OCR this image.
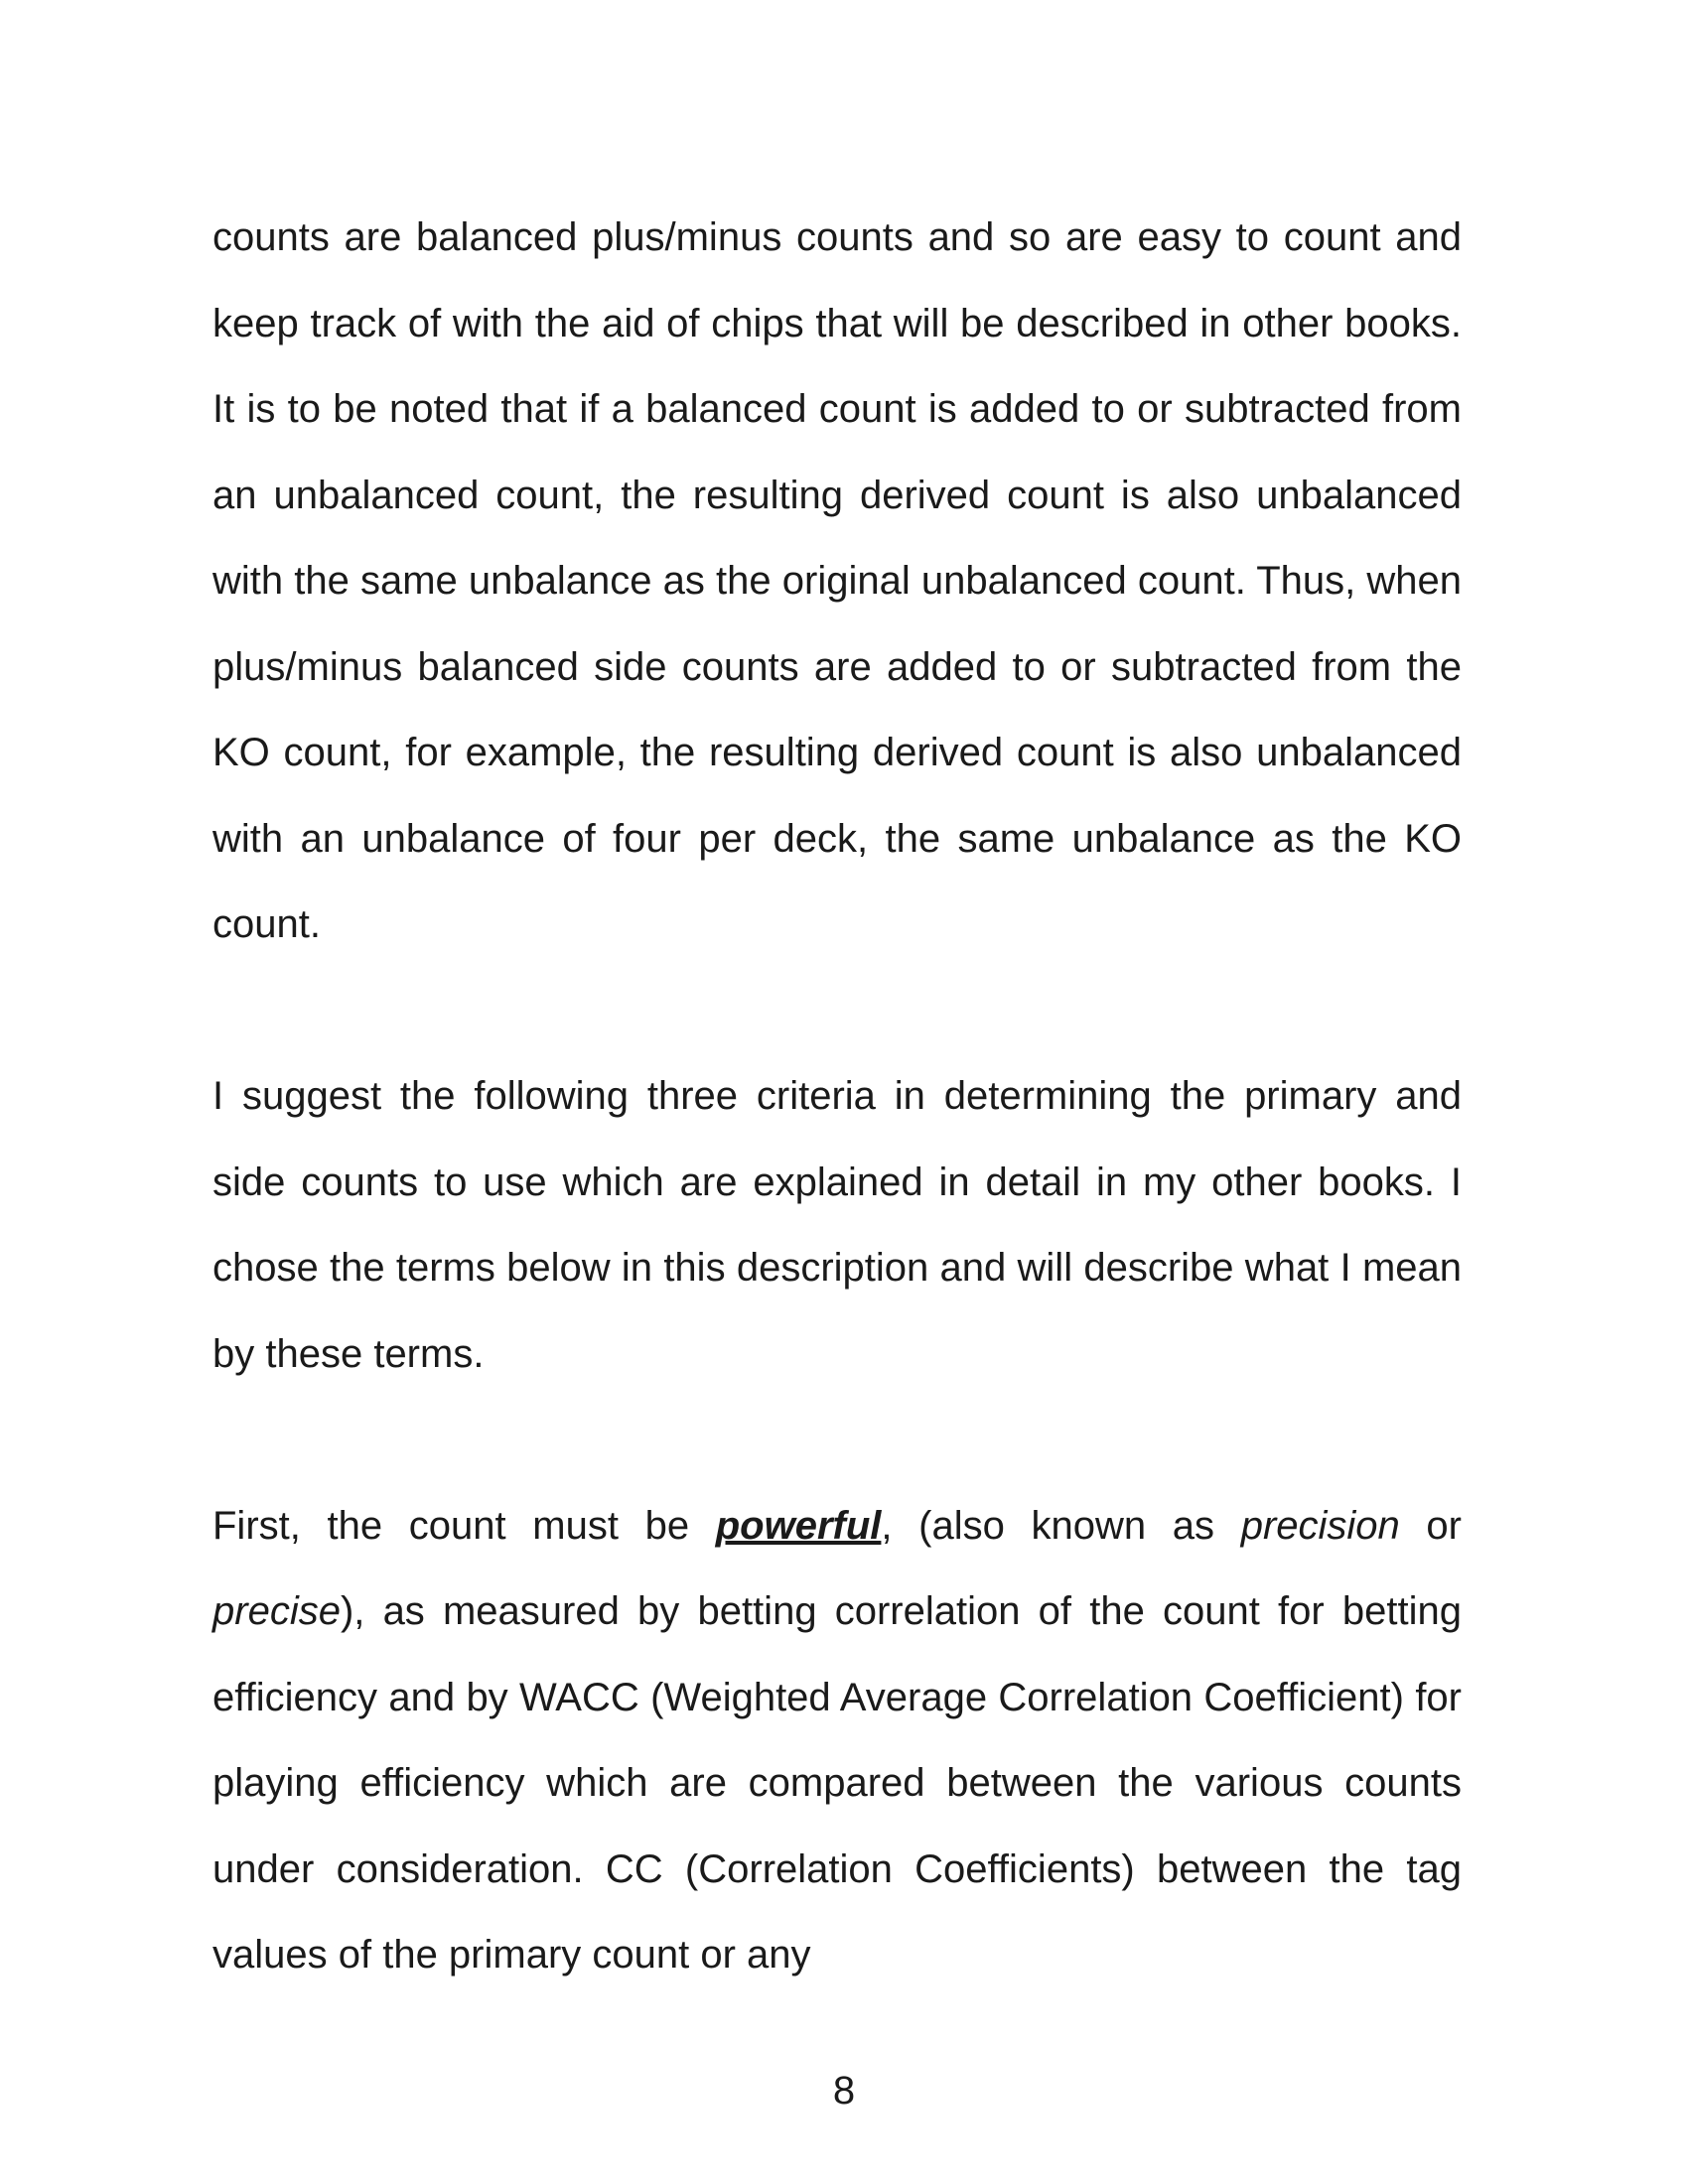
counts are balanced plus/minus counts and so are easy to count and keep track of with the aid of chips that will be described in other books. It is to be noted that if a balanced count is added to or subtracted from an unbalanced count, the resulting derived count is also unbalanced with the same unbalance as the original unbalanced count. Thus, when plus/minus balanced side counts are added to or subtracted from the KO count, for example, the resulting derived count is also unbalanced with an unbalance of four per deck, the same unbalance as the KO count.

I suggest the following three criteria in determining the primary and side counts to use which are explained in detail in my other books. I chose the terms below in this description and will describe what I mean by these terms.

First, the count must be powerful, (also known as precision or precise), as measured by betting correlation of the count for betting efficiency and by WACC (Weighted Average Correlation Coefficient) for playing efficiency which are compared between the various counts under consideration. CC (Correlation Coefficients) between the tag values of the primary count or any

8
